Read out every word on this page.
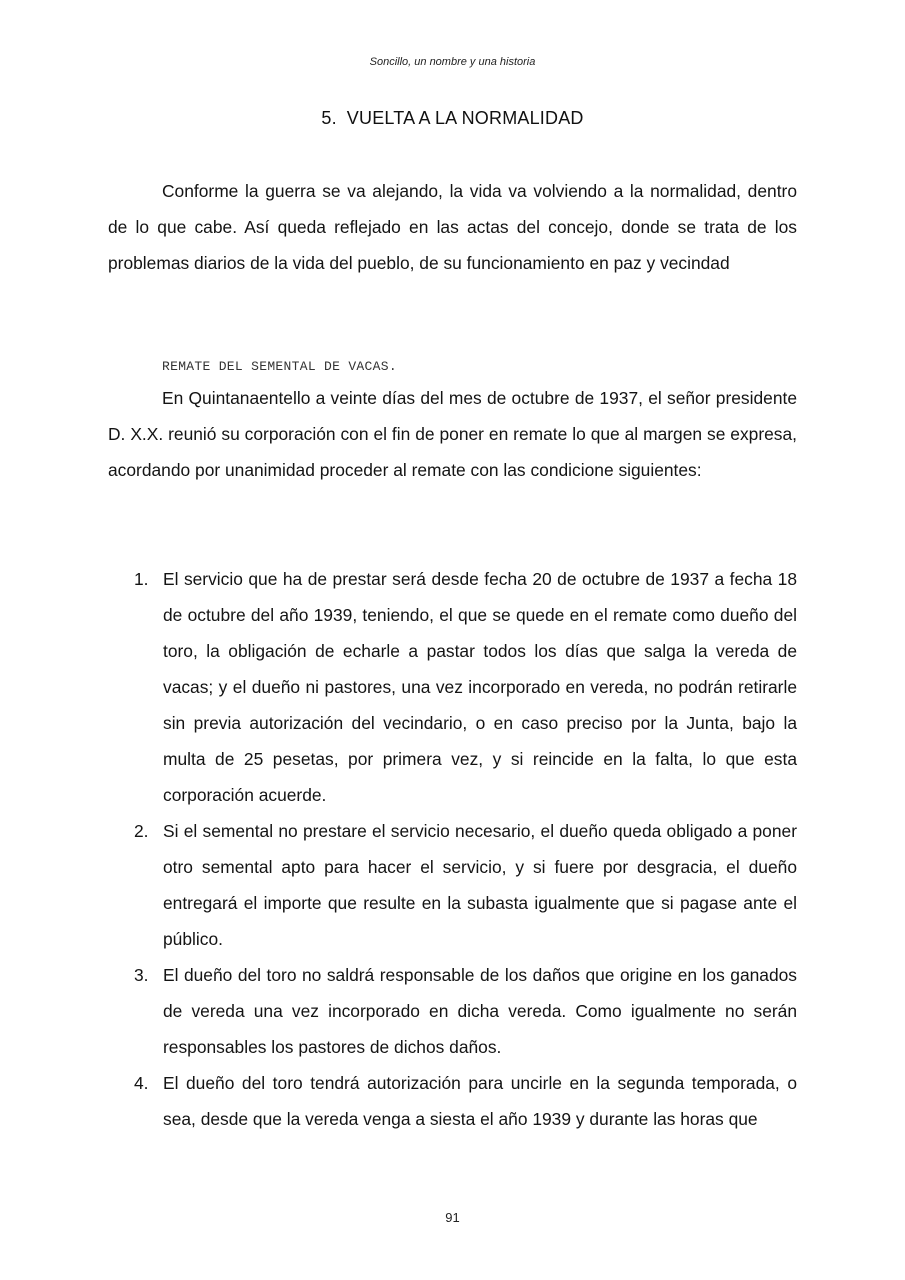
Soncillo, un nombre y una historia
5. VUELTA A LA NORMALIDAD

Conforme la guerra se va alejando, la vida va volviendo a la normalidad, dentro de lo que cabe. Así queda reflejado en las actas del concejo, donde se trata de los problemas diarios de la vida del pueblo, de su funcionamiento en paz y vecindad

REMATE DEL SEMENTAL DE VACAS.

En Quintanaentello a veinte días del mes de octubre de 1937, el señor presidente D. X.X. reunió su corporación con el fin de poner en remate lo que al margen se expresa, acordando por unanimidad proceder al remate con las condicione siguientes:

1. El servicio que ha de prestar será desde fecha 20 de octubre de 1937 a fecha 18 de octubre del año 1939, teniendo, el que se quede en el remate como dueño del toro, la obligación de echarle a pastar todos los días que salga la vereda de vacas; y el dueño ni pastores, una vez incorporado en vereda, no podrán retirarle sin previa autorización del vecindario, o en caso preciso por la Junta, bajo la multa de 25 pesetas, por primera vez, y si reincide en la falta, lo que esta corporación acuerde.
2. Si el semental no prestare el servicio necesario, el dueño queda obligado a poner otro semental apto para hacer el servicio, y si fuere por desgracia, el dueño entregará el importe que resulte en la subasta igualmente que si pagase ante el público.
3. El dueño del toro no saldrá responsable de los daños que origine en los ganados de vereda una vez incorporado en dicha vereda. Como igualmente no serán responsables los pastores de dichos daños.
4. El dueño del toro tendrá autorización para uncirle en la segunda temporada, o sea, desde que la vereda venga a siesta el año 1939 y durante las horas que
91
